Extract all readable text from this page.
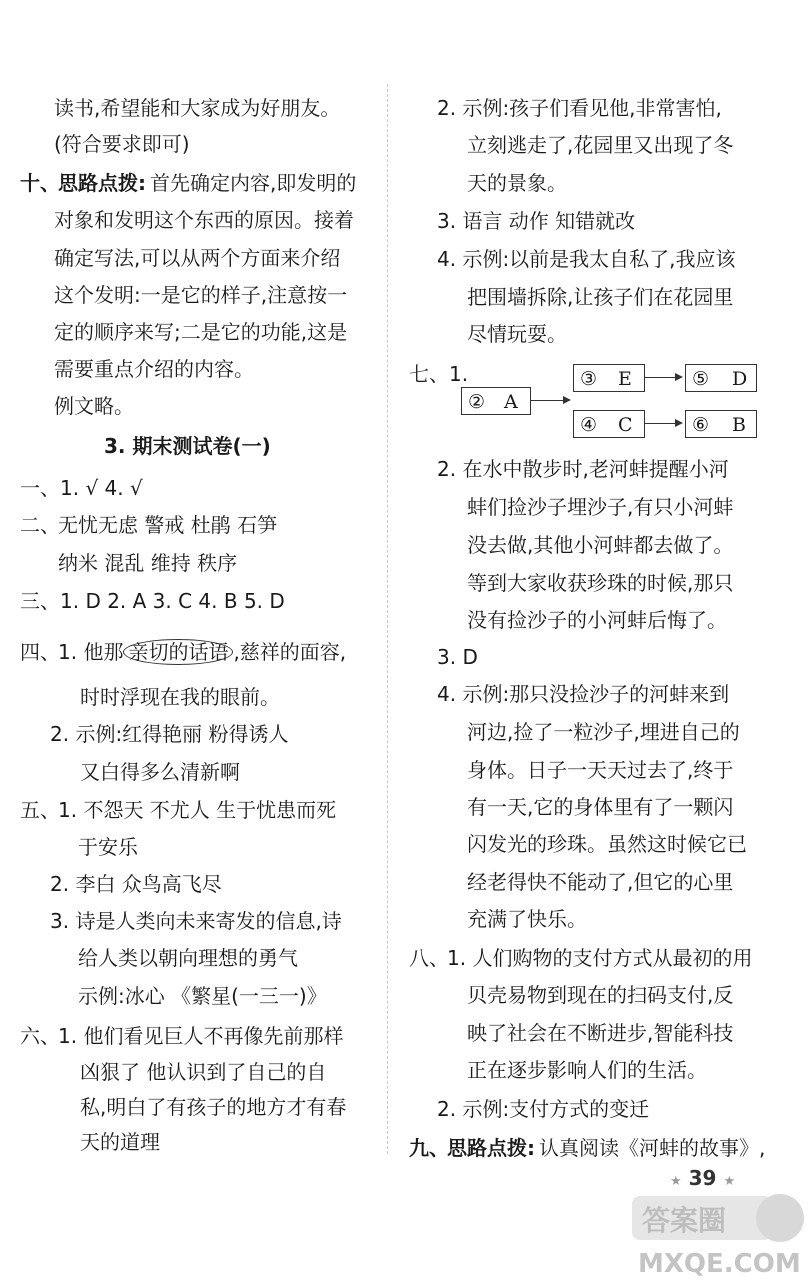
读书,希望能和大家成为好朋友。
(符合要求即可)
十、
思路点拨: 首先确定内容,即发明的
对象和发明这个东西的原因。接着
确定写法,可以从两个方面来介绍
这个发明:一是它的样子,注意按一
定的顺序来写;二是它的功能,这是
需要重点介绍的内容。
例文略。
3. 期末测试卷(一)
一、1. √ 4. √
二、
无忧无虑 警戒 杜鹃 石笋
纳米 混乱 维持 秩序
三、1. D 2. A 3. C 4. B 5. D
四、
1. 他那 亲切的话语 ,慈祥的面容,
时时浮现在我的眼前。
2. 示例:红得艳丽 粉得诱人
又白得多么清新啊
五、
1. 不怨天 不尤人 生于忧患而死
于安乐
2. 李白 众鸟高飞尽
3. 诗是人类向未来寄发的信息,诗
给人类以朝向理想的勇气
示例:冰心 《繁星(一三一)》
六、
1. 他们看见巨人不再像先前那样
凶狠了 他认识到了自己的自
私,明白了有孩子的地方才有春
天的道理
2. 示例:孩子们看见他,非常害怕,
立刻逃走了,花园里又出现了冬
天的景象。
3. 语言 动作 知错就改
4. 示例:以前是我太自私了,我应该
把围墙拆除,让孩子们在花园里
尽情玩耍。
七、1.
② A
③ E
④ C
⑤ D
⑥ B
2. 在水中散步时,老河蚌提醒小河
蚌们捡沙子埋沙子,有只小河蚌
没去做,其他小河蚌都去做了。
等到大家收获珍珠的时候,那只
没有捡沙子的小河蚌后悔了。
3. D
4. 示例:那只没捡沙子的河蚌来到
河边,捡了一粒沙子,埋进自己的
身体。日子一天天过去了,终于
有一天,它的身体里有了一颗闪
闪发光的珍珠。虽然这时候它已
经老得快不能动了,但它的心里
充满了快乐。
八、
1. 人们购物的支付方式从最初的用
贝壳易物到现在的扫码支付,反
映了社会在不断进步,智能科技
正在逐步影响人们的生活。
2. 示例:支付方式的变迁
九、
思路点拨: 认真阅读《河蚌的故事》,
★ 39 ★
答案圈
MXQE.COM
